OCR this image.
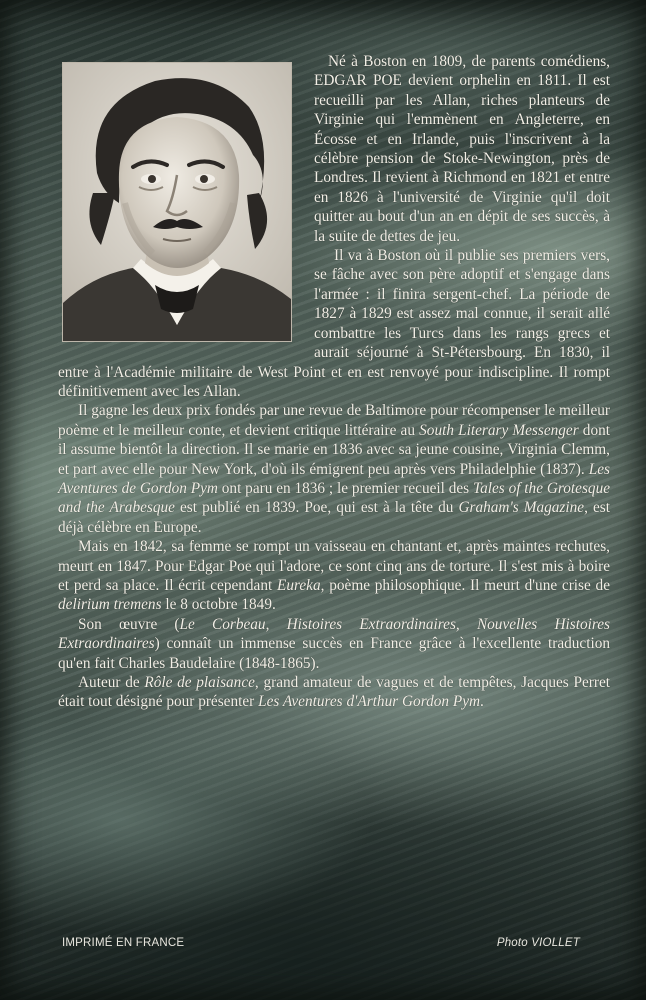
Né à Boston en 1809, de parents comédiens, EDGAR POE devient orphelin en 1811. Il est recueilli par les Allan, riches planteurs de Virginie qui l'emmènent en Angleterre, en Écosse et en Irlande, puis l'inscrivent à la célèbre pension de Stoke-Newington, près de Londres. Il revient à Richmond en 1821 et entre en 1826 à l'université de Virginie qu'il doit quitter au bout d'un an en dépit de ses succès, à la suite de dettes de jeu.

Il va à Boston où il publie ses premiers vers, se fâche avec son père adoptif et s'engage dans l'armée : il finira sergent-chef. La période de 1827 à 1829 est assez mal connue, il serait allé combattre les Turcs dans les rangs grecs et aurait séjourné à St-Pétersbourg. En 1830, il entre à l'Académie militaire de West Point et en est renvoyé pour indiscipline. Il rompt définitivement avec les Allan.

Il gagne les deux prix fondés par une revue de Baltimore pour récompenser le meilleur poème et le meilleur conte, et devient critique littéraire au South Literary Messenger dont il assume bientôt la direction. Il se marie en 1836 avec sa jeune cousine, Virginia Clemm, et part avec elle pour New York, d'où ils émigrent peu après vers Philadelphie (1837). Les Aventures de Gordon Pym ont paru en 1836 ; le premier recueil des Tales of the Grotesque and the Arabesque est publié en 1839. Poe, qui est à la tête du Graham's Magazine, est déjà célèbre en Europe.

Mais en 1842, sa femme se rompt un vaisseau en chantant et, après maintes rechutes, meurt en 1847. Pour Edgar Poe qui l'adore, ce sont cinq ans de torture. Il s'est mis à boire et perd sa place. Il écrit cependant Eureka, poème philosophique. Il meurt d'une crise de delirium tremens le 8 octobre 1849.

Son œuvre (Le Corbeau, Histoires Extraordinaires, Nouvelles Histoires Extraordinaires) connaît un immense succès en France grâce à l'excellente traduction qu'en fait Charles Baudelaire (1848-1865).

Auteur de Rôle de plaisance, grand amateur de vagues et de tempêtes, Jacques Perret était tout désigné pour présenter Les Aventures d'Arthur Gordon Pym.

IMPRIMÉ EN FRANCE	Photo VIOLLET
